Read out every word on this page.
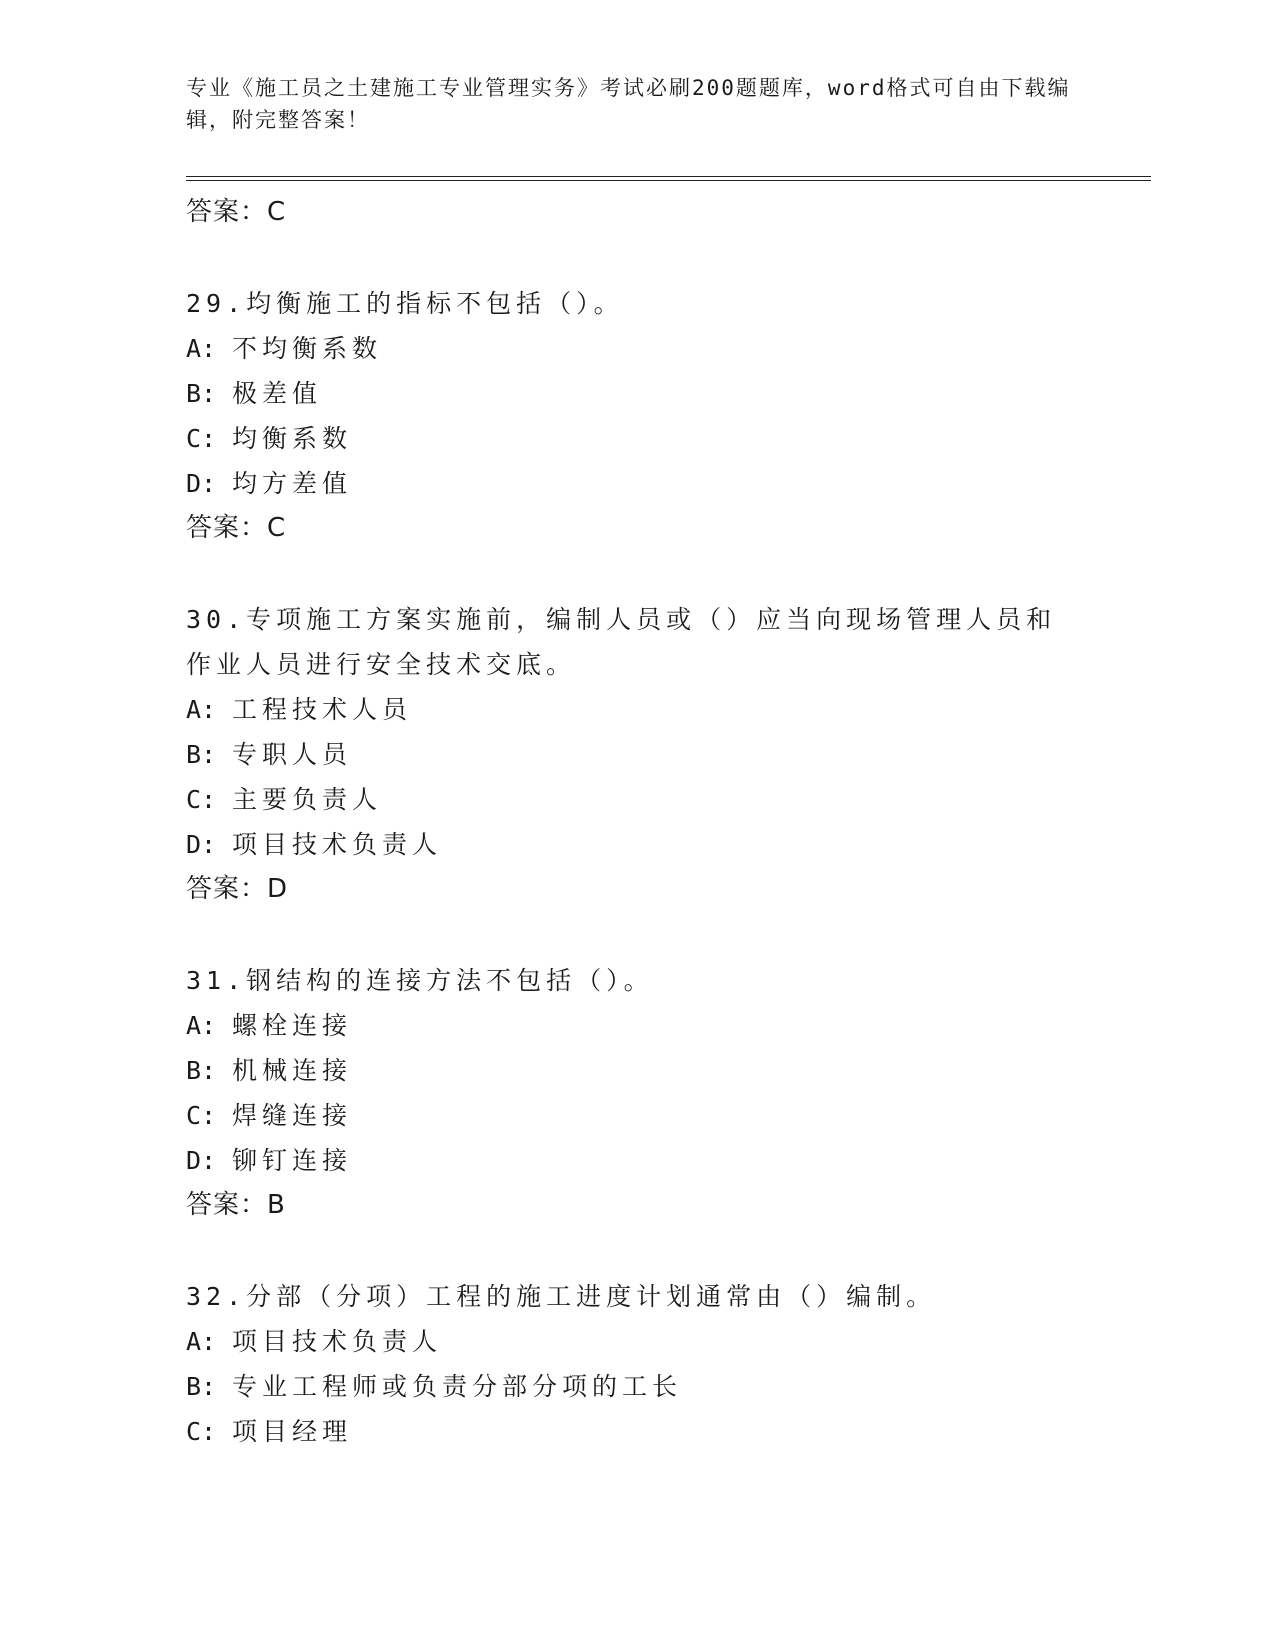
专业《施工员之土建施工专业管理实务》考试必刷200题题库，word格式可自由下载编辑，附完整答案！
答案：C
29.均衡施工的指标不包括（）。
A: 不均衡系数
B: 极差值
C: 均衡系数
D: 均方差值
答案：C
30.专项施工方案实施前，编制人员或（）应当向现场管理人员和作业人员进行安全技术交底。
A: 工程技术人员
B: 专职人员
C: 主要负责人
D: 项目技术负责人
答案：D
31.钢结构的连接方法不包括（）。
A: 螺栓连接
B: 机械连接
C: 焊缝连接
D: 铆钉连接
答案：B
32.分部（分项）工程的施工进度计划通常由（）编制。
A: 项目技术负责人
B: 专业工程师或负责分部分项的工长
C: 项目经理
